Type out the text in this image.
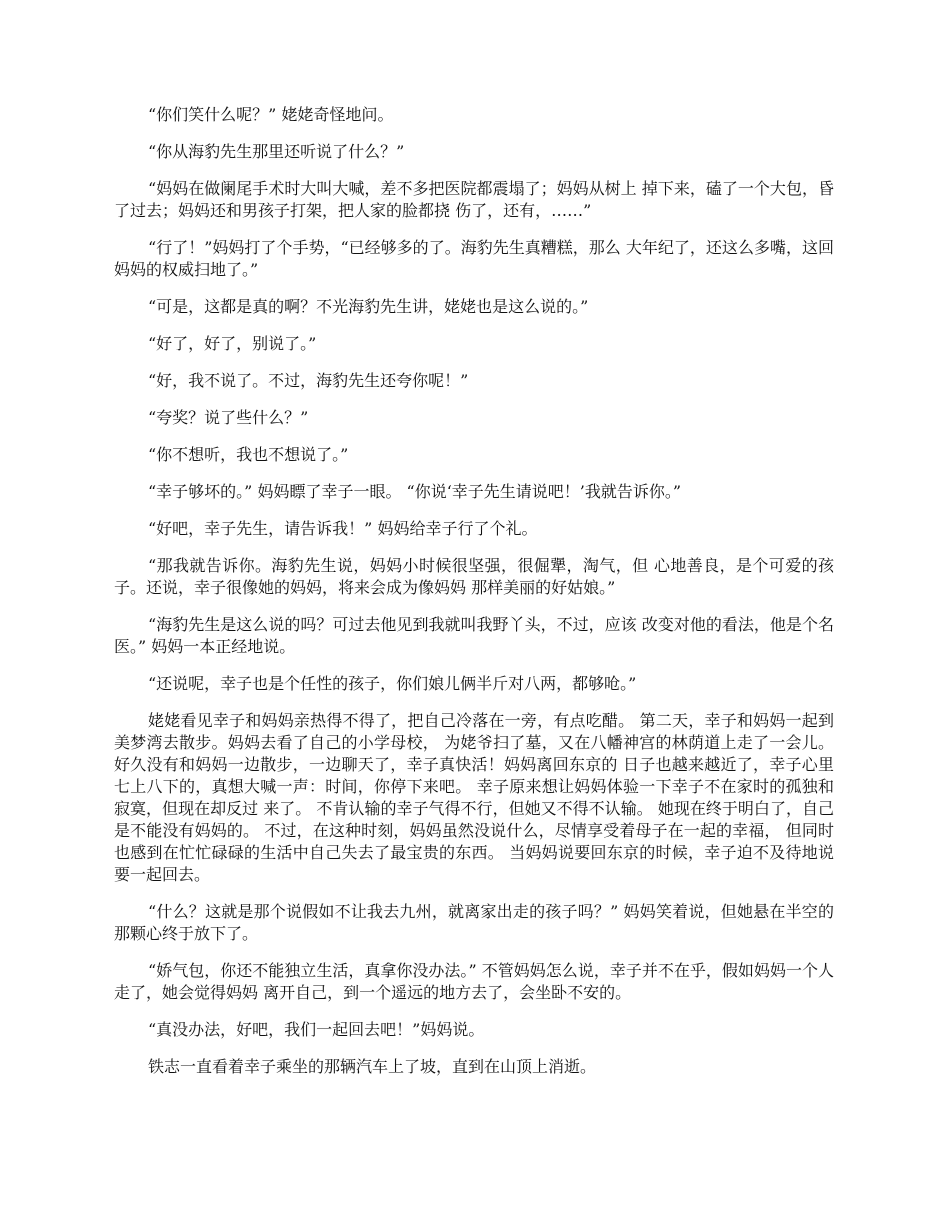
“你们笑什么呢？” 姥姥奇怪地问。

“你从海豹先生那里还听说了什么？”

“妈妈在做阑尾手术时大叫大喊，差不多把医院都震塌了；妈妈从树上 掉下来，磕了一个大包，昏了过去；妈妈还和男孩子打架，把人家的脸都挠 伤了，还有，……”

“行了！”妈妈打了个手势，“已经够多的了。海豹先生真糟糕，那么 大年纪了，还这么多嘴，这回妈妈的权威扫地了。”

“可是，这都是真的啊？不光海豹先生讲，姥姥也是这么说的。”

“好了，好了，别说了。”

“好，我不说了。不过，海豹先生还夸你呢！”

“夸奖？说了些什么？”

“你不想听，我也不想说了。”

“幸子够坏的。” 妈妈瞟了幸子一眼。 “你说‘幸子先生请说吧！’我就告诉你。”

“好吧，幸子先生，请告诉我！” 妈妈给幸子行了个礼。

“那我就告诉你。海豹先生说，妈妈小时候很坚强，很倔犟，淘气，但 心地善良，是个可爱的孩子。还说，幸子很像她的妈妈，将来会成为像妈妈 那样美丽的好姑娘。”

“海豹先生是这么说的吗？可过去他见到我就叫我野丫头，不过，应该 改变对他的看法，他是个名医。” 妈妈一本正经地说。

“还说呢，幸子也是个任性的孩子，你们娘儿俩半斤对八两，都够呛。”

姥姥看见幸子和妈妈亲热得不得了，把自己冷落在一旁，有点吃醋。 第二天，幸子和妈妈一起到美梦湾去散步。妈妈去看了自己的小学母校， 为姥爷扫了墓，又在八幡神宫的林荫道上走了一会儿。 好久没有和妈妈一边散步，一边聊天了，幸子真快活！妈妈离回东京的 日子也越来越近了，幸子心里七上八下的，真想大喊一声：时间，你停下来吧。 幸子原来想让妈妈体验一下幸子不在家时的孤独和寂寞，但现在却反过 来了。 不肯认输的幸子气得不行，但她又不得不认输。 她现在终于明白了，自己是不能没有妈妈的。 不过，在这种时刻，妈妈虽然没说什么，尽情享受着母子在一起的幸福， 但同时也感到在忙忙碌碌的生活中自己失去了最宝贵的东西。 当妈妈说要回东京的时候，幸子迫不及待地说要一起回去。

“什么？这就是那个说假如不让我去九州，就离家出走的孩子吗？” 妈妈笑着说，但她悬在半空的那颗心终于放下了。

“娇气包，你还不能独立生活，真拿你没办法。” 不管妈妈怎么说，幸子并不在乎，假如妈妈一个人走了，她会觉得妈妈 离开自己，到一个遥远的地方去了，会坐卧不安的。

“真没办法，好吧，我们一起回去吧！”妈妈说。

铁志一直看着幸子乘坐的那辆汽车上了坡，直到在山顶上消逝。
